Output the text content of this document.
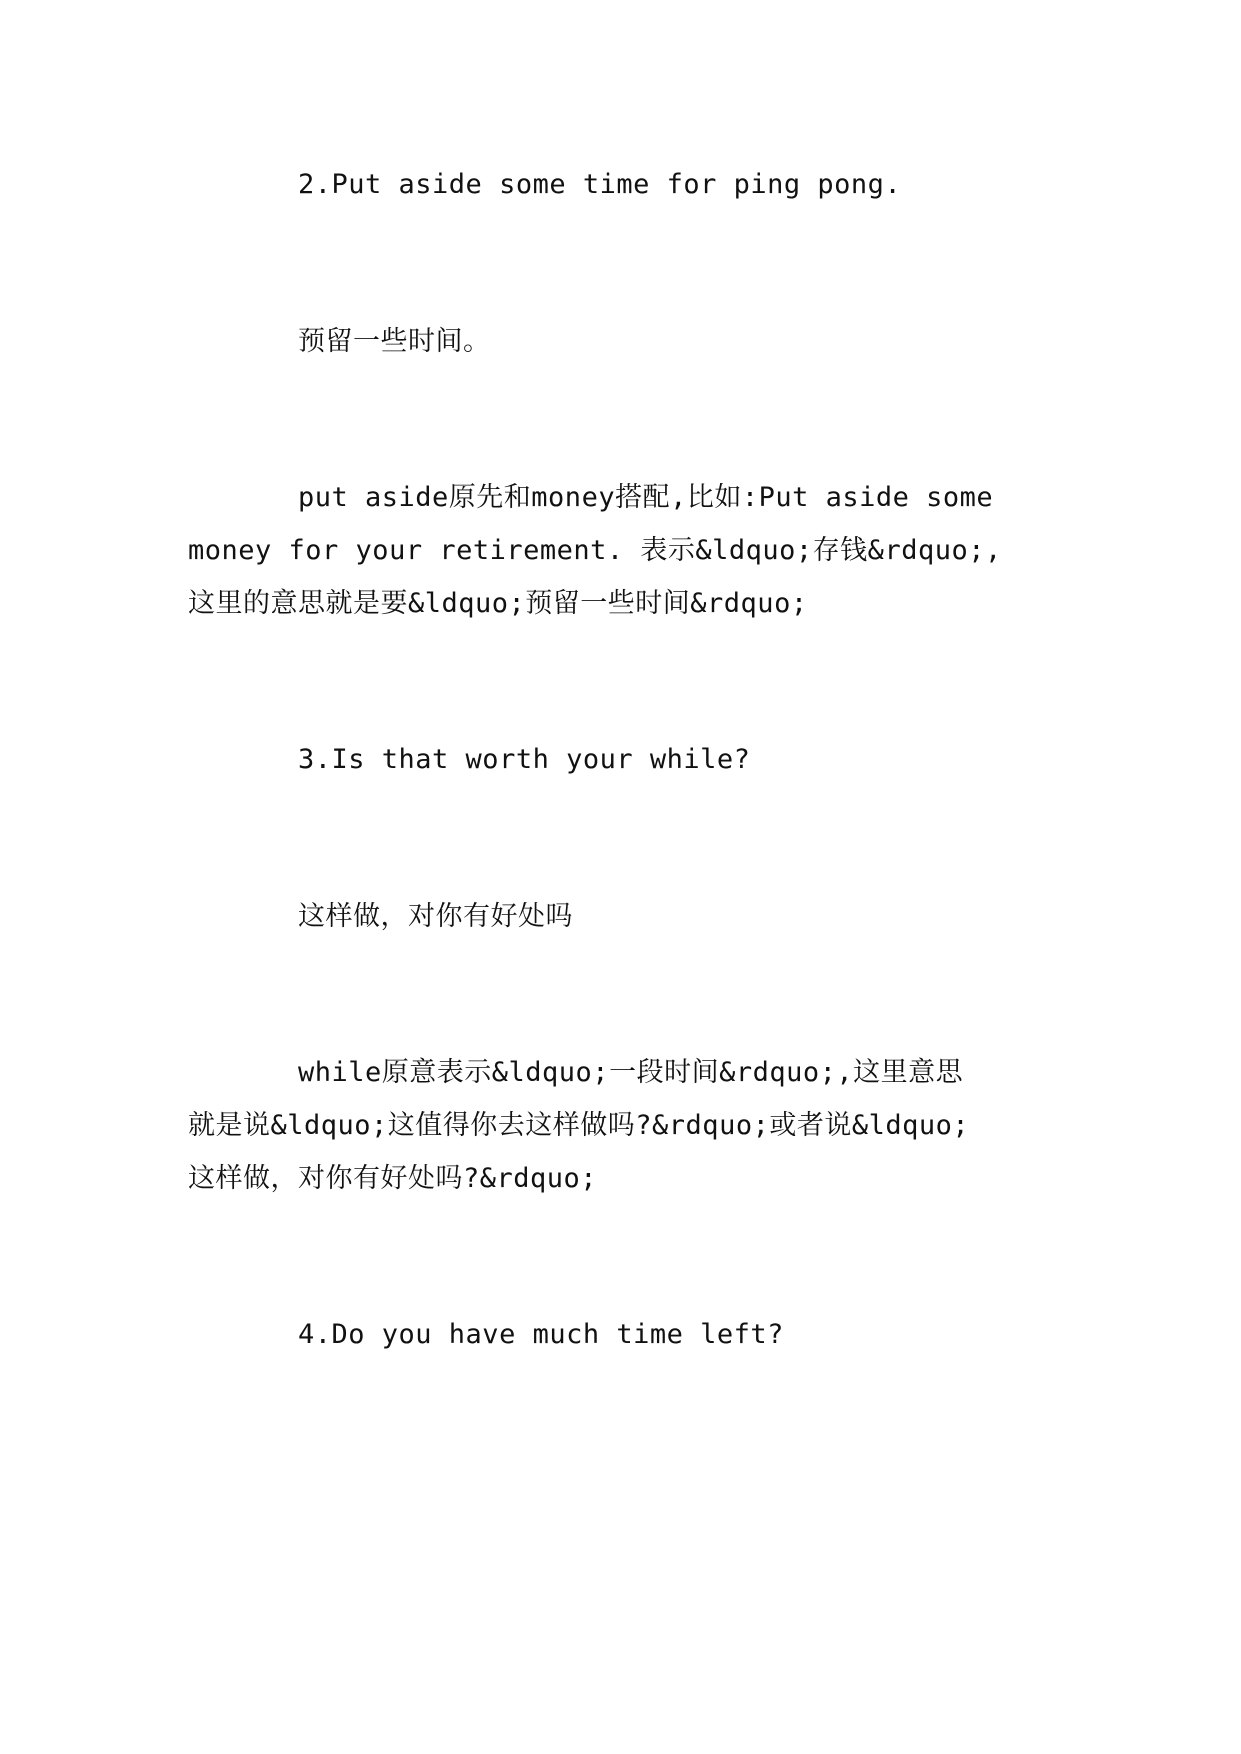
2.Put aside some time for ping pong.
预留一些时间。
put aside原先和money搭配,比如:Put aside some
money for your retirement. 表示&ldquo;存钱&rdquo;,
这里的意思就是要&ldquo;预留一些时间&rdquo;
3.Is that worth your while?
这样做，对你有好处吗
while原意表示&ldquo;一段时间&rdquo;,这里意思
就是说&ldquo;这值得你去这样做吗?&rdquo;或者说&ldquo;
这样做，对你有好处吗?&rdquo;
4.Do you have much time left?
